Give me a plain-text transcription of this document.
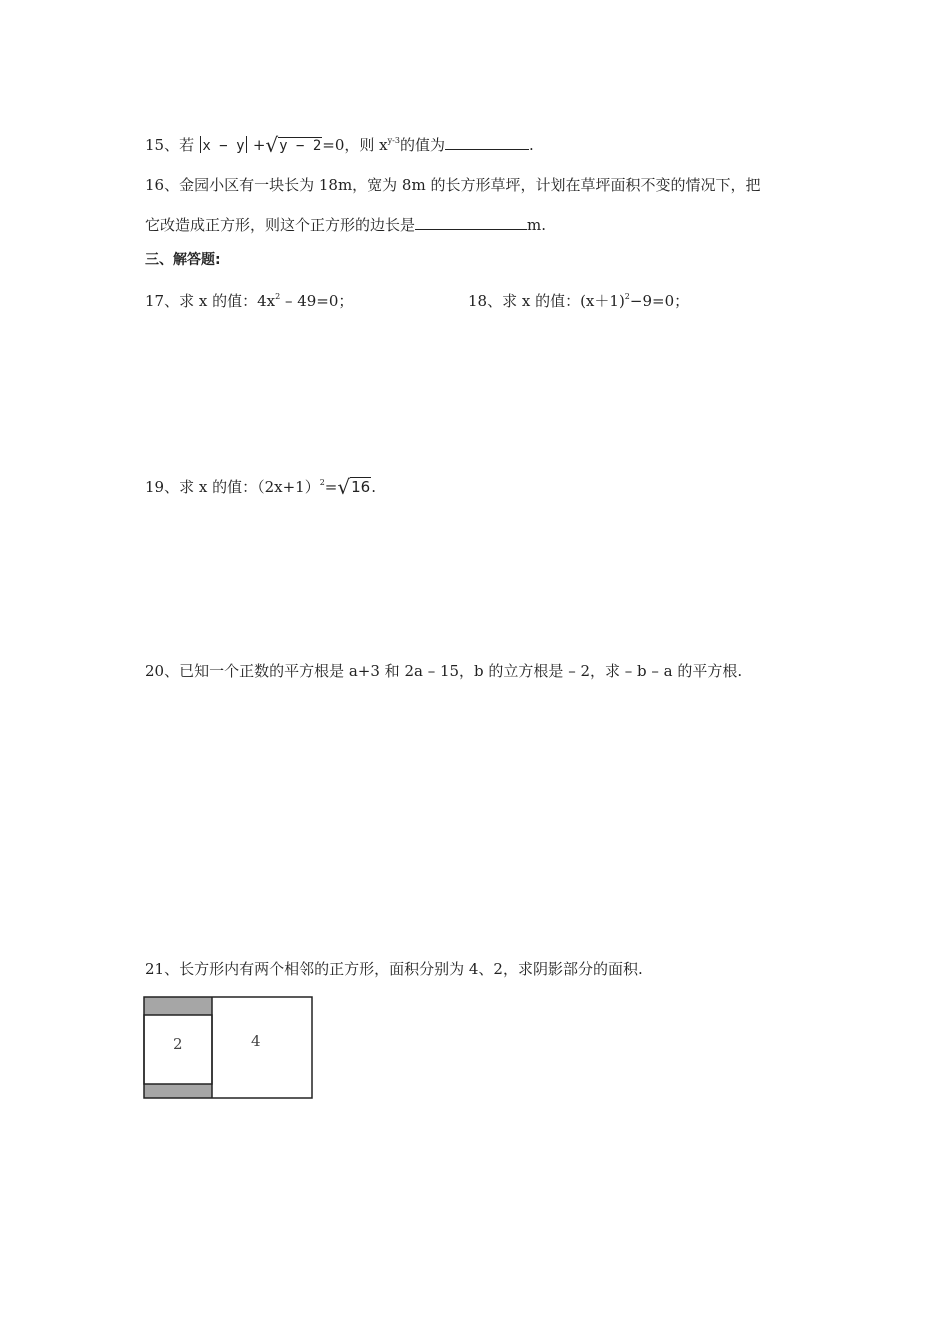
15、若 x − y +√y − 2=0，则 $x^{y-3}$的值为	.
16、金园小区有一块长为 18m，宽为 8m 的长方形草坪，计划在草坪面积不变的情况下，把
它改造成正方形，则这个正方形的边长是	m.
三、解答题:
17、求 x 的值：$4x^2 - 49=0$；	18、求 x 的值：$(x+1)^2-9=0$；
19、求 x 的值：$(2x+1)^2=√16$.
20、已知一个正数的平方根是 a+3 和 2a – 15，b 的立方根是 – 2，求 – b – a 的平方根.
21、长方形内有两个相邻的正方形，面积分别为 4、2，求阴影部分的面积.
2	4
